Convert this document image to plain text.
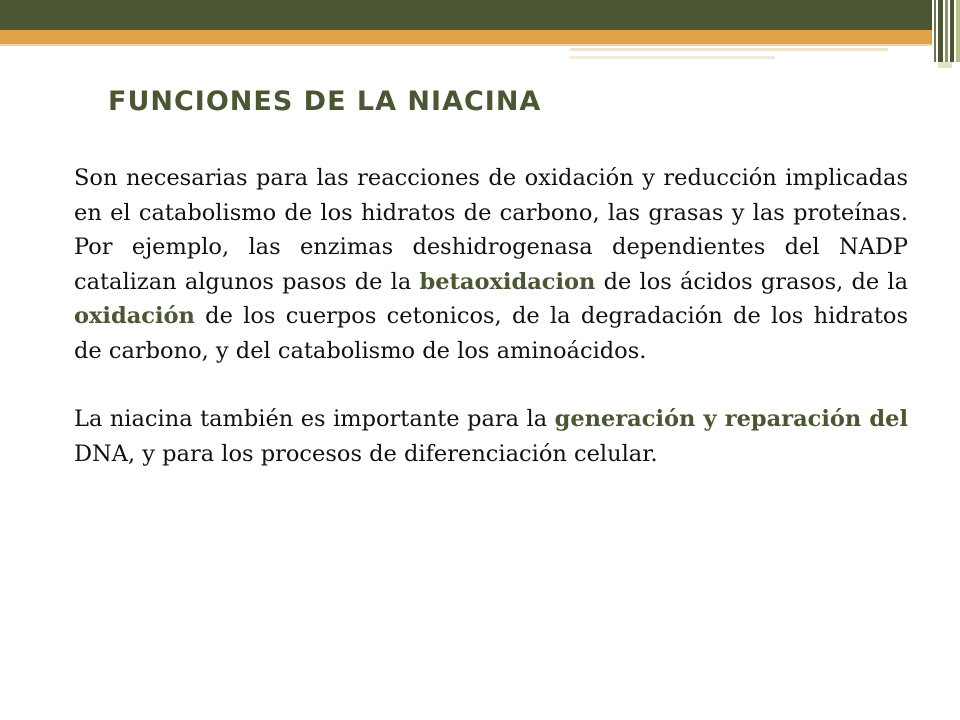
FUNCIONES DE LA NIACINA

Son necesarias para las reacciones de oxidación y reducción implicadas en el catabolismo de los hidratos de carbono, las grasas y las proteínas. Por ejemplo, las enzimas deshidrogenasa dependientes del NADP catalizan algunos pasos de la betaoxidacion de los ácidos grasos, de la oxidación de los cuerpos cetonicos, de la degradación de los hidratos de carbono, y del catabolismo de los aminoácidos.

La niacina también es importante para la generación y reparación del DNA, y para los procesos de diferenciación celular.
